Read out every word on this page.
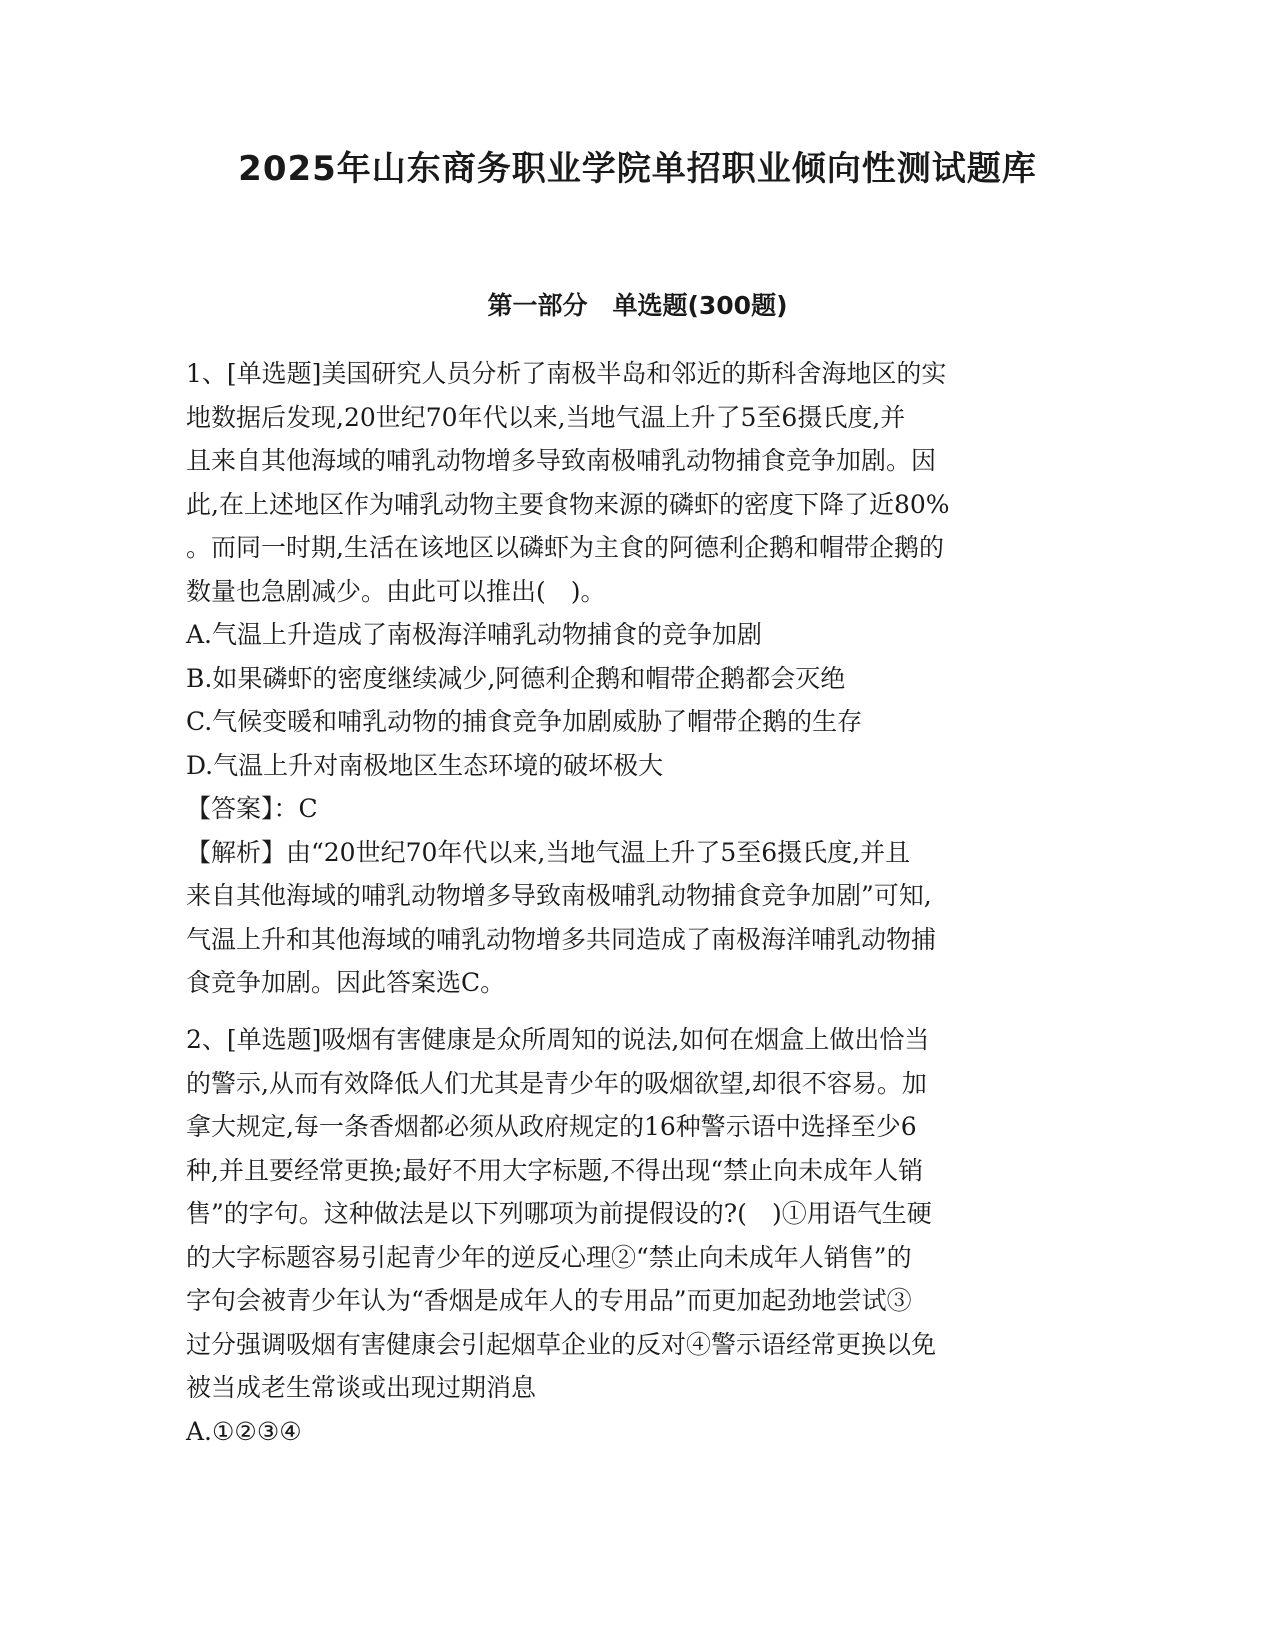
2025年山东商务职业学院单招职业倾向性测试题库
第一部分　单选题(300题)
1、[单选题]美国研究人员分析了南极半岛和邻近的斯科舍海地区的实
地数据后发现,20世纪70年代以来,当地气温上升了5至6摄氏度,并
且来自其他海域的哺乳动物增多导致南极哺乳动物捕食竞争加剧。因
此,在上述地区作为哺乳动物主要食物来源的磷虾的密度下降了近80%
。而同一时期,生活在该地区以磷虾为主食的阿德利企鹅和帽带企鹅的
数量也急剧减少。由此可以推出(　)。
A.气温上升造成了南极海洋哺乳动物捕食的竞争加剧
B.如果磷虾的密度继续减少,阿德利企鹅和帽带企鹅都会灭绝
C.气候变暖和哺乳动物的捕食竞争加剧威胁了帽带企鹅的生存
D.气温上升对南极地区生态环境的破坏极大
【答案】：C
【解析】由“20世纪70年代以来,当地气温上升了5至6摄氏度,并且
来自其他海域的哺乳动物增多导致南极哺乳动物捕食竞争加剧”可知,
气温上升和其他海域的哺乳动物增多共同造成了南极海洋哺乳动物捕
食竞争加剧。因此答案选C。
2、[单选题]吸烟有害健康是众所周知的说法,如何在烟盒上做出恰当
的警示,从而有效降低人们尤其是青少年的吸烟欲望,却很不容易。加
拿大规定,每一条香烟都必须从政府规定的16种警示语中选择至少6
种,并且要经常更换;最好不用大字标题,不得出现“禁止向未成年人销
售”的字句。这种做法是以下列哪项为前提假设的?(　)①用语气生硬
的大字标题容易引起青少年的逆反心理②“禁止向未成年人销售”的
字句会被青少年认为“香烟是成年人的专用品”而更加起劲地尝试③
过分强调吸烟有害健康会引起烟草企业的反对④警示语经常更换以免
被当成老生常谈或出现过期消息
A.①②③④
